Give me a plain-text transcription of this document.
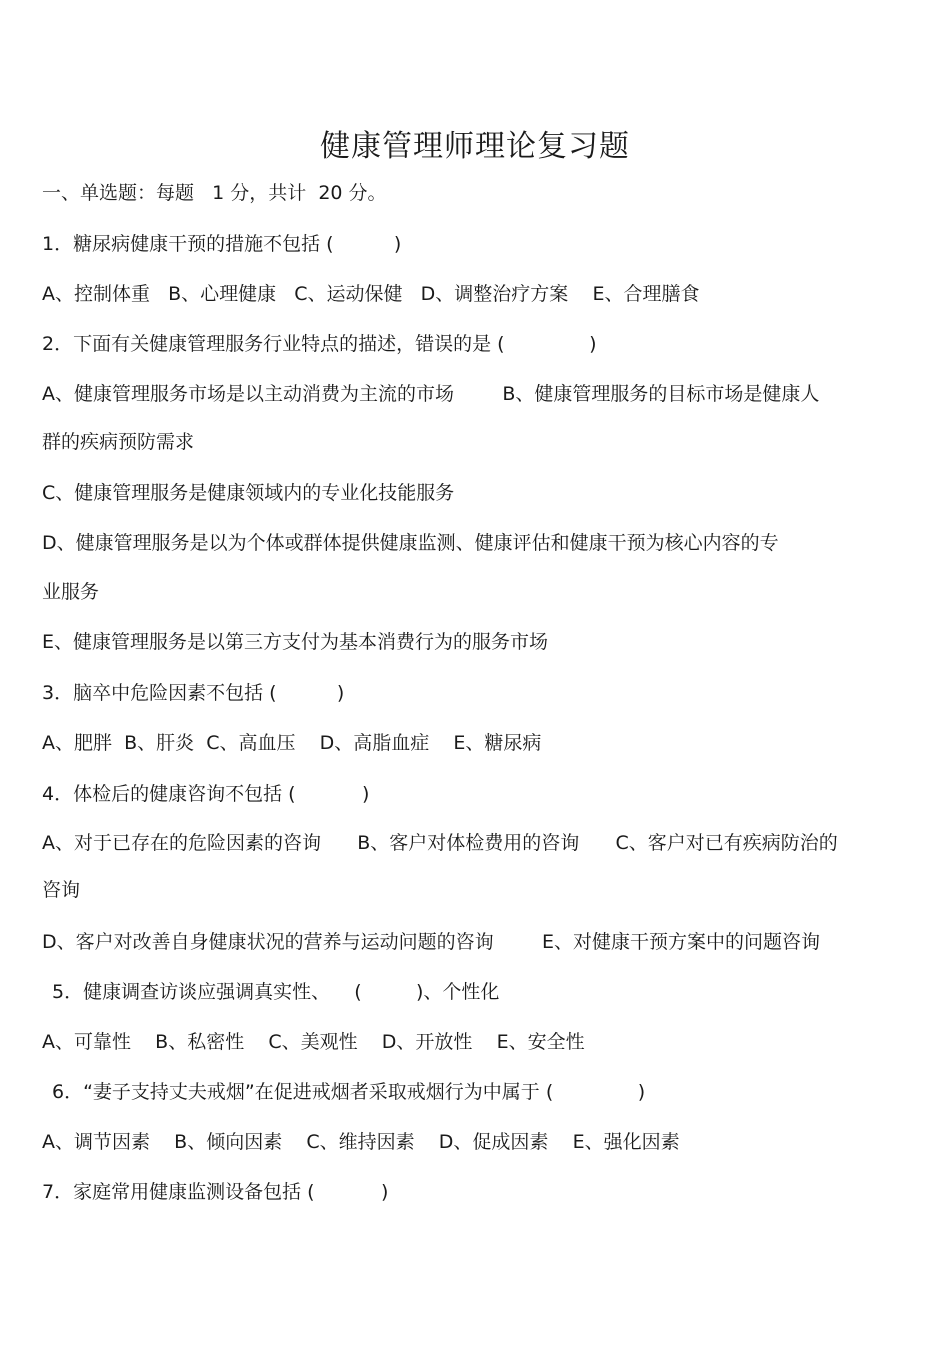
健康管理师理论复习题
一、单选题：每题   1 分，共计  20 分。
1．糖尿病健康干预的措施不包括 (          )
A、控制体重   B、心理健康   C、运动保健   D、调整治疗方案    E、合理膳食
2．下面有关健康管理服务行业特点的描述，错误的是 (              )
A、健康管理服务市场是以主动消费为主流的市场        B、健康管理服务的目标市场是健康人
群的疾病预防需求
C、健康管理服务是健康领域内的专业化技能服务
D、健康管理服务是以为个体或群体提供健康监测、健康评估和健康干预为核心内容的专
业服务
E、健康管理服务是以第三方支付为基本消费行为的服务市场
3．脑卒中危险因素不包括 (          )
A、肥胖  B、肝炎  C、高血压    D、高脂血症    E、糖尿病
4．体检后的健康咨询不包括 (           )
A、对于已存在的危险因素的咨询      B、客户对体检费用的咨询      C、客户对已有疾病防治的
咨询
D、客户对改善自身健康状况的营养与运动问题的咨询        E、对健康干预方案中的问题咨询
5．健康调查访谈应强调真实性、    (         )、个性化
A、可靠性    B、私密性    C、美观性    D、开放性    E、安全性
6．“妻子支持丈夫戒烟”在促进戒烟者采取戒烟行为中属于 (              )
A、调节因素    B、倾向因素    C、维持因素    D、促成因素    E、强化因素
7．家庭常用健康监测设备包括 (           )
